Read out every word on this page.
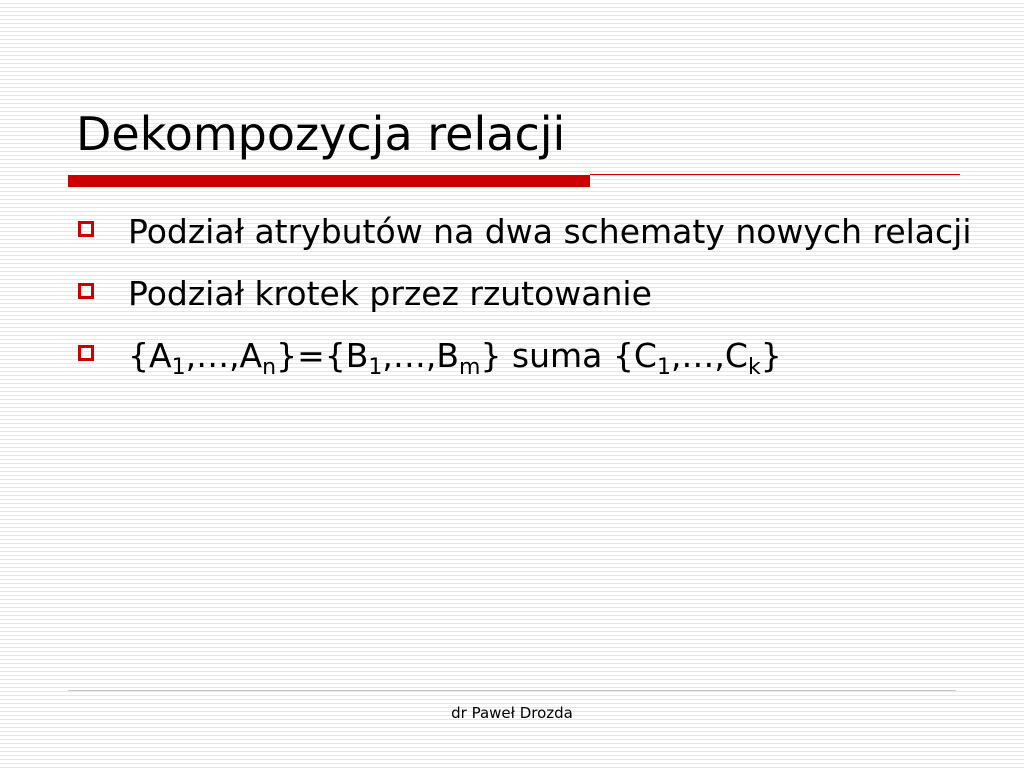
Dekompozycja relacji
Podział atrybutów na dwa schematy nowych relacji
Podział krotek przez rzutowanie
$\{A_1,\dots,A_n\}=\{B_1,\dots,B_m\}$ suma $\{C_1,\dots,C_k\}$
dr Paweł Drozda
